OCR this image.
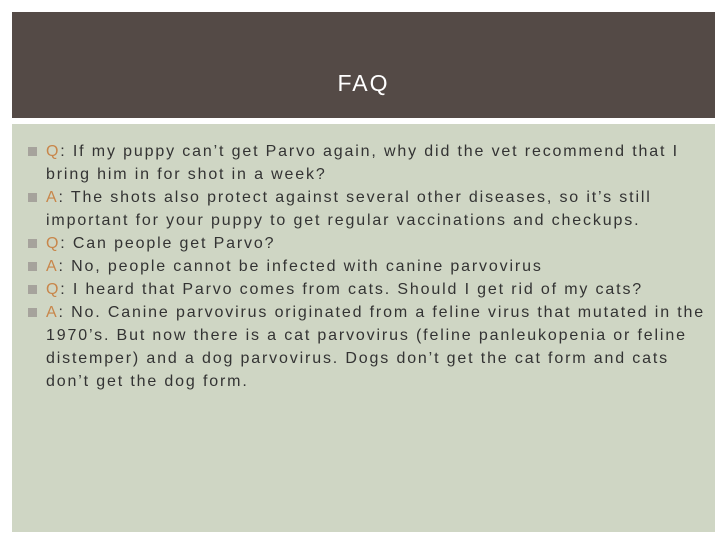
FAQ
Q: If my puppy can’t get Parvo again, why did the vet recommend that I bring him in for shot in a week?
A: The shots also protect against several other diseases, so it’s still important for your puppy to get regular vaccinations and checkups.
Q: Can people get Parvo?
A: No, people cannot be infected with canine parvovirus
Q: I heard that Parvo comes from cats. Should I get rid of my cats?
A: No. Canine parvovirus originated from a feline virus that mutated in the 1970’s. But now there is a cat parvovirus (feline panleukopenia or feline distemper) and a dog parvovirus. Dogs don’t get the cat form and cats don’t get the dog form.
